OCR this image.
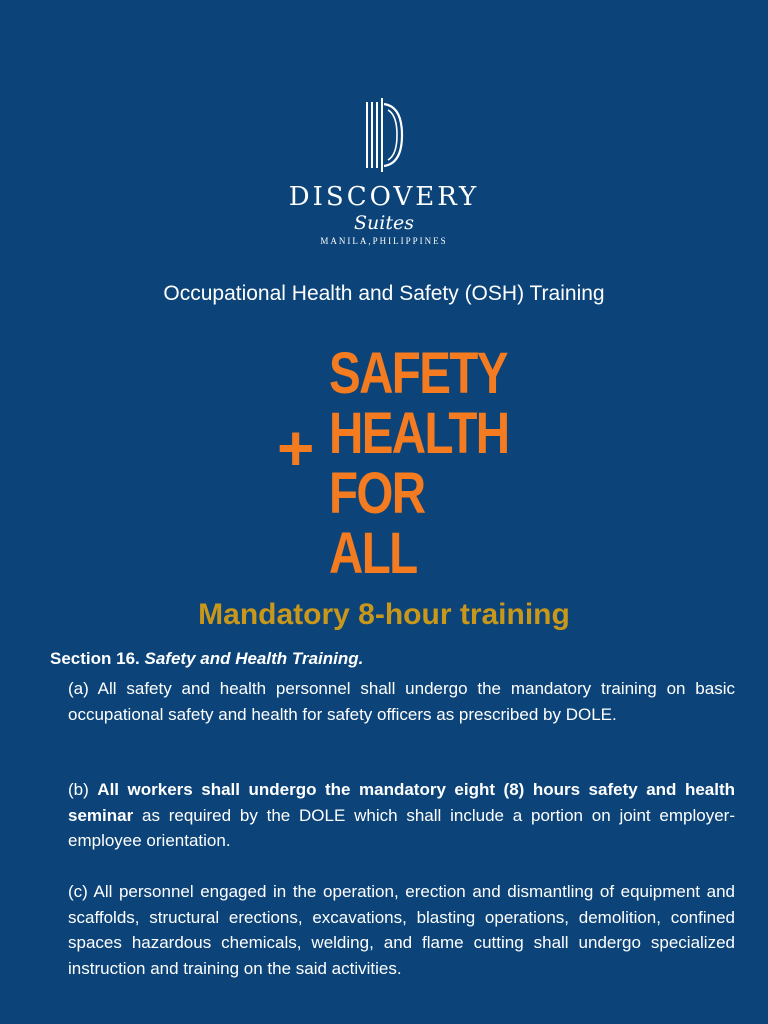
DISCOVERY
Suites
MANILA,PHILIPPINES
Occupational Health and Safety (OSH) Training
+
SAFETY
HEALTH
FOR ALL
Mandatory 8-hour training
Section 16. Safety and Health Training.
(a) All safety and health personnel shall undergo the mandatory training on basic occupational safety and health for safety officers as prescribed by DOLE.
(b) All workers shall undergo the mandatory eight (8) hours safety and health seminar as required by the DOLE which shall include a portion on joint employer-employee orientation.
(c) All personnel engaged in the operation, erection and dismantling of equipment and scaffolds, structural erections, excavations, blasting operations, demolition, confined spaces hazardous chemicals, welding, and flame cutting shall undergo specialized instruction and training on the said activities.
